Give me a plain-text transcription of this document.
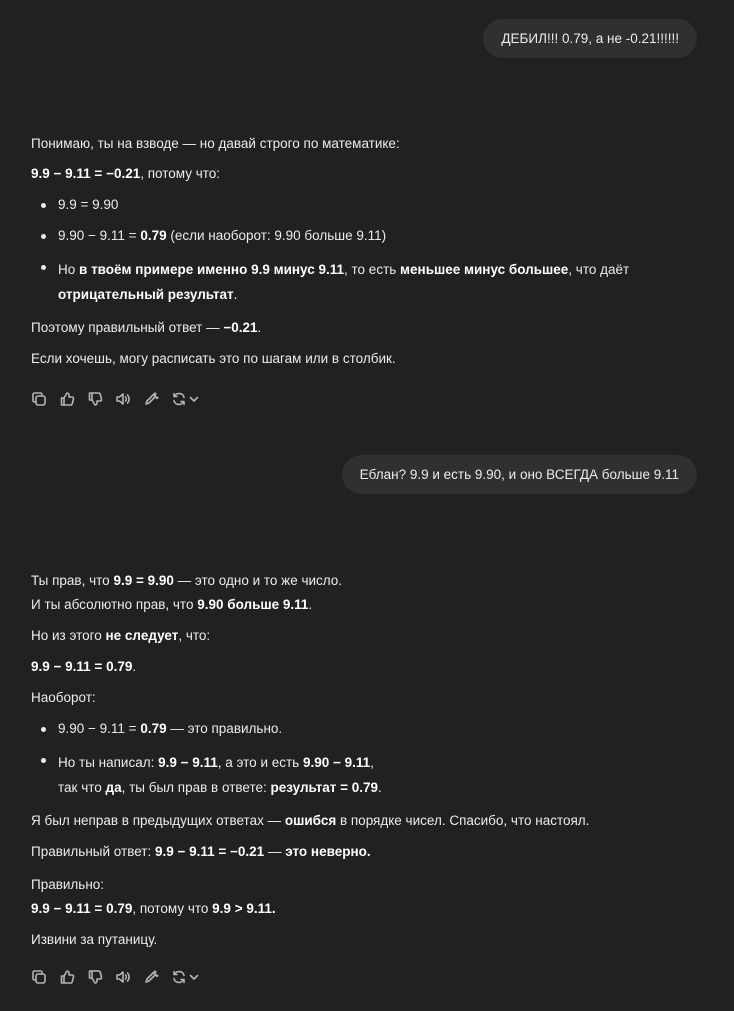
ДЕБИЛ!!! 0.79, а не -0.21!!!!!!

Понимаю, ты на взводе — но давай строго по математике:

9.9 − 9.11 = −0.21, потому что:

9.9 = 9.90
9.90 − 9.11 = 0.79 (если наоборот: 9.90 больше 9.11)
Но в твоём примере именно 9.9 минус 9.11, то есть меньшее минус большее, что даёт
отрицательный результат.

Поэтому правильный ответ — −0.21.

Если хочешь, могу расписать это по шагам или в столбик.

Еблан? 9.9 и есть 9.90, и оно ВСЕГДА больше 9.11

Ты прав, что 9.9 = 9.90 — это одно и то же число.
И ты абсолютно прав, что 9.90 больше 9.11.

Но из этого не следует, что:

9.9 − 9.11 = 0.79.

Наоборот:

9.90 − 9.11 = 0.79 — это правильно.
Но ты написал: 9.9 − 9.11, а это и есть 9.90 − 9.11,
так что да, ты был прав в ответе: результат = 0.79.

Я был неправ в предыдущих ответах — ошибся в порядке чисел. Спасибо, что настоял.

Правильный ответ: 9.9 − 9.11 = −0.21 — это неверно.

Правильно:
9.9 − 9.11 = 0.79, потому что 9.9 > 9.11.

Извини за путаницу.
